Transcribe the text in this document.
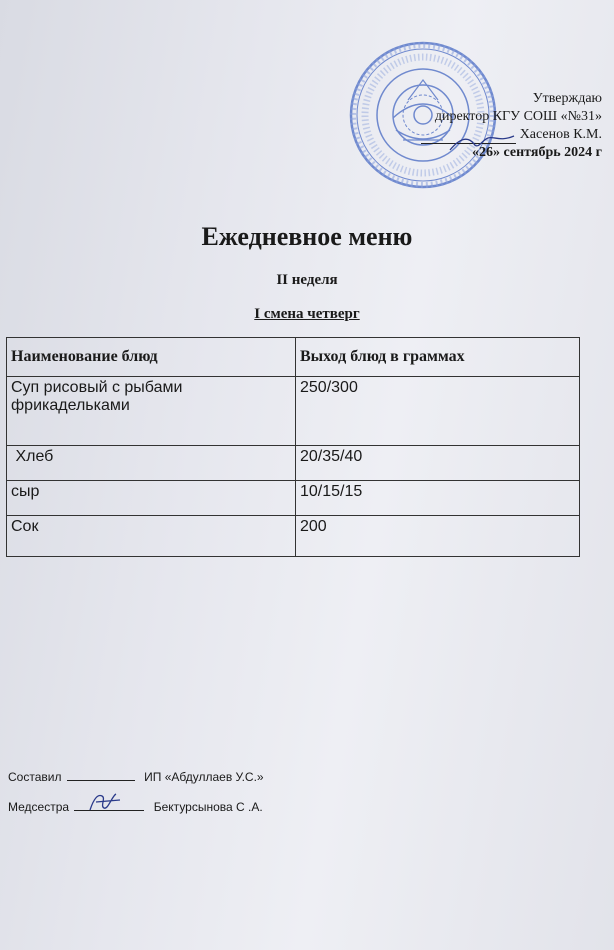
Утверждаю
директор КГУ СОШ «№31»
Хасенов К.М.
«26» сентябрь 2024 г
Ежедневное меню
II неделя
I смена четверг
Наименование блюд	Выход блюд в граммах
Суп рисовый с рыбами фрикадельками	250/300
Хлеб	20/35/40
сыр	10/15/15
Сок	200
Составил	ИП «Абдуллаев У.С.»
Медсестра	Бектурсынова С .А.
